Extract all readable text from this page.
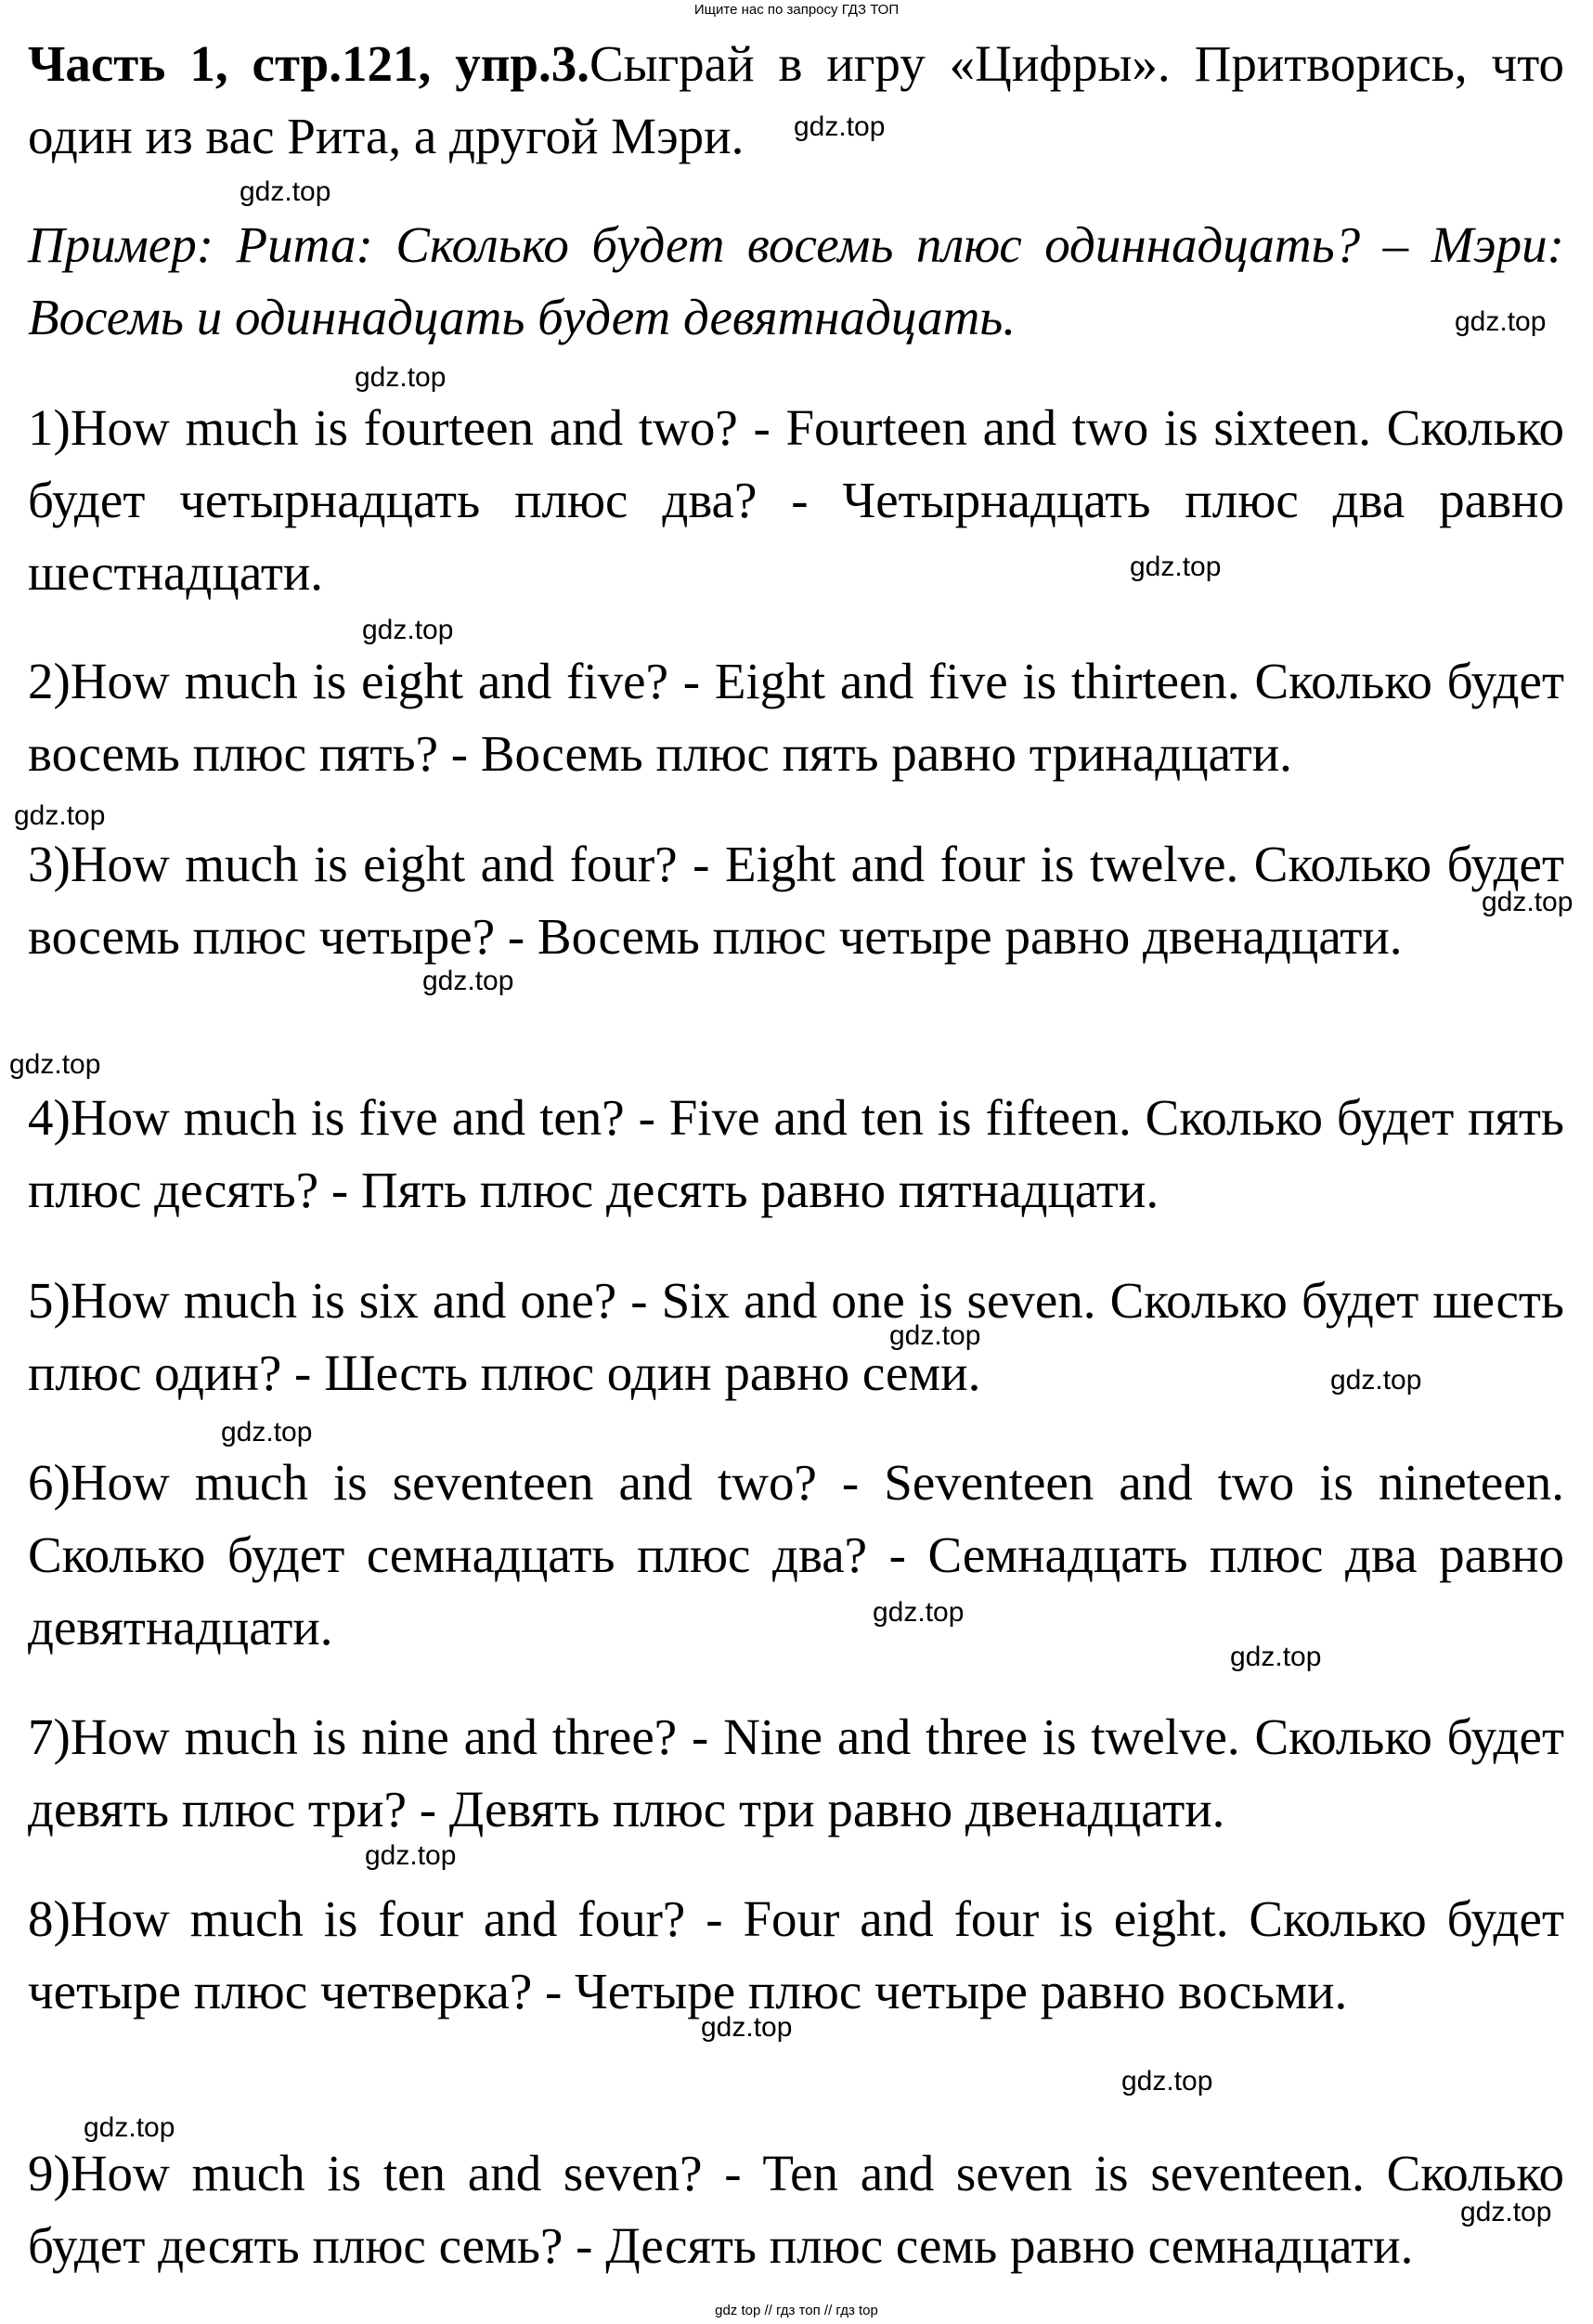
Ищите нас по запросу ГДЗ ТОП

Часть 1, стр.121, упр.3.Сыграй в игру «Цифры». Притворись, что один из вас Рита, а другой Мэри.

Пример: Рита: Сколько будет восемь плюс одиннадцать? – Мэри: Восемь и одиннадцать будет девятнадцать.

1)How much is fourteen and two? - Fourteen and two is sixteen. Сколько будет четырнадцать плюс два? - Четырнадцать плюс два равно шестнадцати.

2)How much is eight and five? - Eight and five is thirteen. Сколько будет восемь плюс пять? - Восемь плюс пять равно тринадцати.

3)How much is eight and four? - Eight and four is twelve. Сколько будет восемь плюс четыре? - Восемь плюс четыре равно двенадцати.

4)How much is five and ten? - Five and ten is fifteen. Сколько будет пять плюс десять? - Пять плюс десять равно пятнадцати.

5)How much is six and one? - Six and one is seven. Сколько будет шесть плюс один? - Шесть плюс один равно семи.

6)How much is seventeen and two? - Seventeen and two is nineteen. Сколько будет семнадцать плюс два? - Семнадцать плюс два равно девятнадцати.

7)How much is nine and three? - Nine and three is twelve. Сколько будет девять плюс три? - Девять плюс три равно двенадцати.

8)How much is four and four? - Four and four is eight. Сколько будет четыре плюс четверка? - Четыре плюс четыре равно восьми.

9)How much is ten and seven? - Ten and seven is seventeen. Сколько будет десять плюс семь? - Десять плюс семь равно семнадцати.

gdz.top
gdz.top
gdz.top
gdz.top
gdz.top
gdz.top
gdz.top
gdz.top
gdz.top
gdz.top
gdz.top
gdz.top
gdz.top
gdz.top
gdz.top
gdz.top
gdz.top
gdz.top
gdz.top
gdz.top
gdz top // гдз топ // гдз top
